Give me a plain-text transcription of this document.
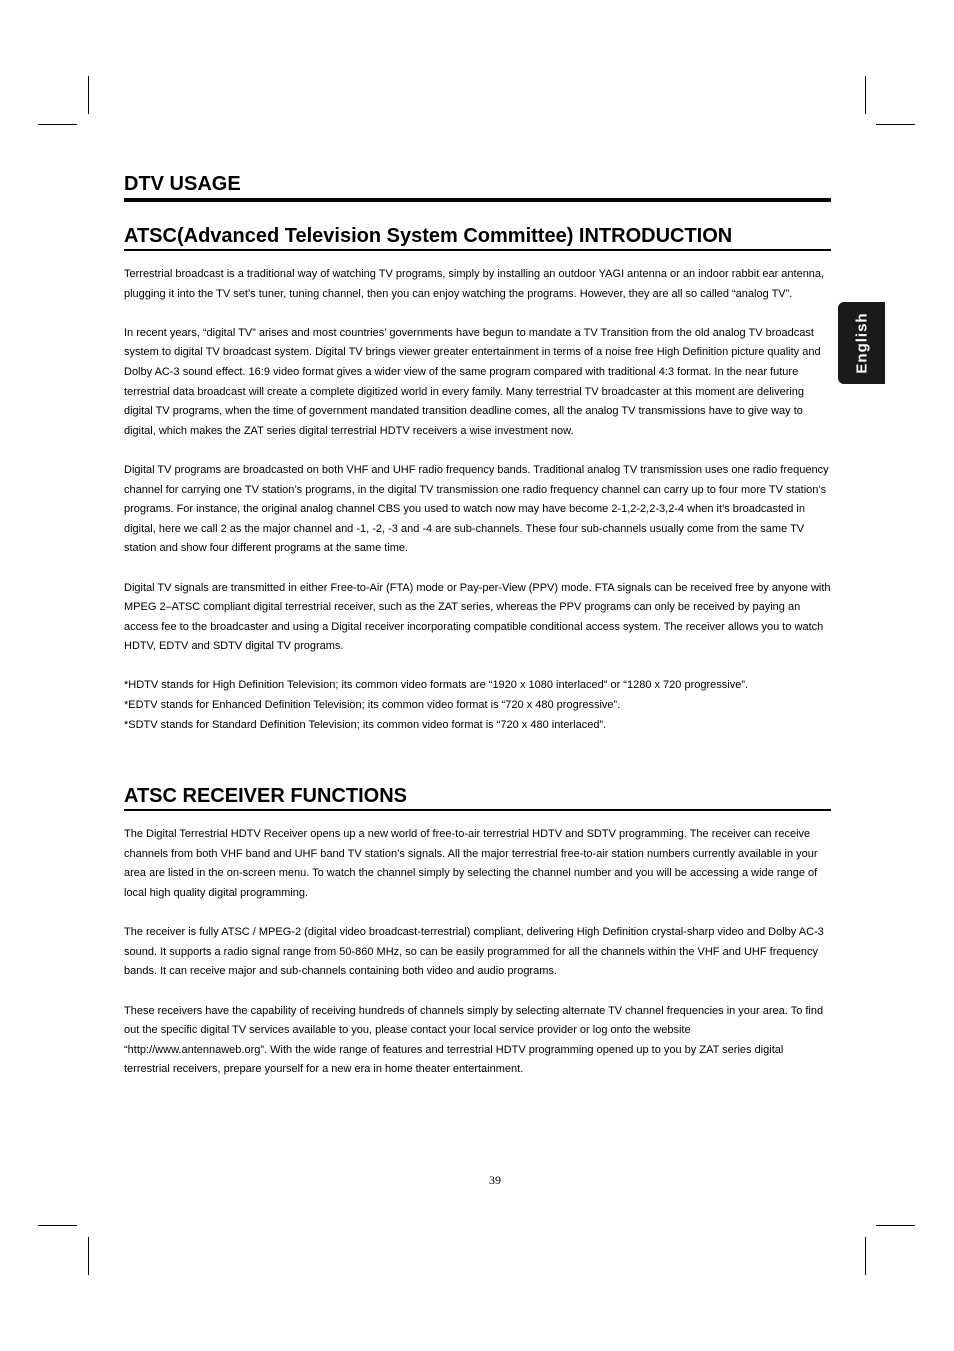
English
DTV USAGE
ATSC(Advanced Television System Committee) INTRODUCTION

Terrestrial broadcast is a traditional way of watching TV programs, simply by installing an outdoor YAGI antenna or an indoor rabbit ear antenna, plugging it into the TV set’s tuner, tuning channel, then you can enjoy watching the programs. However, they are all so called “analog TV”.

In recent years, “digital TV” arises and most countries’ governments have begun to mandate a TV Transition from the old analog TV broadcast system to digital TV broadcast system. Digital TV brings viewer greater entertainment in terms of a noise free High Definition picture quality and Dolby AC-3 sound effect. 16:9 video format gives a wider view of the same program compared with traditional 4:3 format. In the near future terrestrial data broadcast will create a complete digitized world in every family. Many terrestrial TV broadcaster at this moment are delivering digital TV programs, when the time of government mandated transition deadline comes, all the analog TV transmissions have to give way to digital, which makes the ZAT series digital terrestrial HDTV receivers a wise investment now.

Digital TV programs are broadcasted on both VHF and UHF radio frequency bands. Traditional analog TV transmission uses one radio frequency channel for carrying one TV station’s programs, in the digital TV transmission one radio frequency channel can carry up to four more TV station’s programs. For instance, the original analog channel CBS you used to watch now may have become 2-1,2-2,2-3,2-4 when it’s broadcasted in digital, here we call 2 as the major channel and -1, -2, -3 and -4 are sub-channels. These four sub-channels usually come from the same TV station and show four different programs at the same time.

Digital TV signals are transmitted in either Free-to-Air (FTA) mode or Pay-per-View (PPV) mode. FTA signals can be received free by anyone with MPEG 2–ATSC compliant digital terrestrial receiver, such as the ZAT series, whereas the PPV programs can only be received by paying an access fee to the broadcaster and using a Digital receiver incorporating compatible conditional access system. The receiver allows you to watch HDTV, EDTV and SDTV digital TV programs.

*HDTV stands for High Definition Television; its common video formats are “1920 x 1080 interlaced” or “1280 x 720 progressive”.

*EDTV stands for Enhanced Definition Television; its common video format is “720 x 480 progressive”.

*SDTV stands for Standard Definition Television; its common video format is “720 x 480 interlaced”.

ATSC RECEIVER FUNCTIONS

The Digital Terrestrial HDTV Receiver opens up a new world of free-to-air terrestrial HDTV and SDTV programming. The receiver can receive channels from both VHF band and UHF band TV station’s signals. All the major terrestrial free-to-air station numbers currently available in your area are listed in the on-screen menu. To watch the channel simply by selecting the channel number and you will be accessing a wide range of local high quality digital programming.

The receiver is fully ATSC / MPEG-2 (digital video broadcast-terrestrial) compliant, delivering High Definition crystal-sharp video and Dolby AC-3 sound. It supports a radio signal range from 50-860 MHz, so can be easily programmed for all the channels within the VHF and UHF frequency bands. It can receive major and sub-channels containing both video and audio programs.

These receivers have the capability of receiving hundreds of channels simply by selecting alternate TV channel frequencies in your area. To find out the specific digital TV services available to you, please contact your local service provider or log onto the website “http://www.antennaweb.org”. With the wide range of features and terrestrial HDTV programming opened up to you by ZAT series digital terrestrial receivers, prepare yourself for a new era in home theater entertainment.

39
